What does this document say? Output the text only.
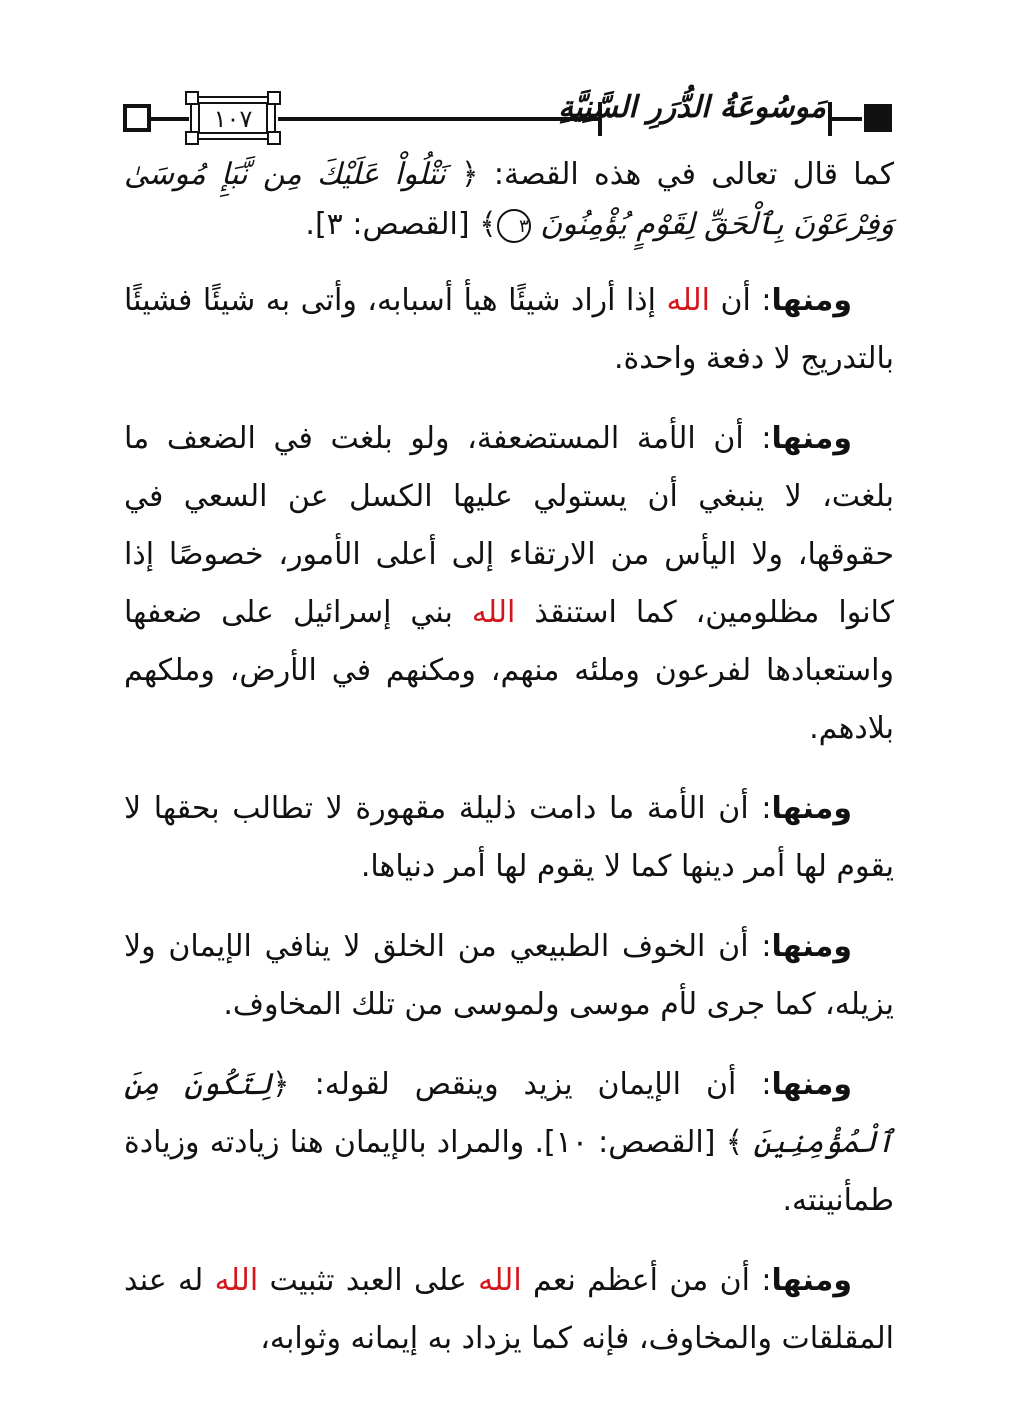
١٠٧	مَوسُوعَةُ الدُّرَرِ السَّنِيَّةِ

كما قال تعالى في هذه القصة: ﴿ نَتْلُواْ عَلَيْكَ مِن نَّبَإِ مُوسَىٰ وَفِرْعَوْنَ بِٱلْحَقِّ لِقَوْمٍ يُؤْمِنُونَ ٣﴾ [القصص: ٣].

ومنها: أن الله إذا أراد شيئًا هيأ أسبابه، وأتى به شيئًا فشيئًا بالتدريج لا دفعة واحدة.

ومنها: أن الأمة المستضعفة، ولو بلغت في الضعف ما بلغت، لا ينبغي أن يستولي عليها الكسل عن السعي في حقوقها، ولا اليأس من الارتقاء إلى أعلى الأمور، خصوصًا إذا كانوا مظلومين، كما استنقذ الله بني إسرائيل على ضعفها واستعبادها لفرعون وملئه منهم، ومكنهم في الأرض، وملكهم بلادهم.

ومنها: أن الأمة ما دامت ذليلة مقهورة لا تطالب بحقها لا يقوم لها أمر دينها كما لا يقوم لها أمر دنياها.

ومنها: أن الخوف الطبيعي من الخلق لا ينافي الإيمان ولا يزيله، كما جرى لأم موسى ولموسى من تلك المخاوف.

ومنها: أن الإيمان يزيد وينقص لقوله: ﴿لِتَكُونَ مِنَ ٱلْمُؤْمِنِينَ ﴾ [القصص: ١٠]. والمراد بالإيمان هنا زيادته وزيادة طمأنينته.

ومنها: أن من أعظم نعم الله على العبد تثبيت الله له عند المقلقات والمخاوف، فإنه كما يزداد به إيمانه وثوابه،
